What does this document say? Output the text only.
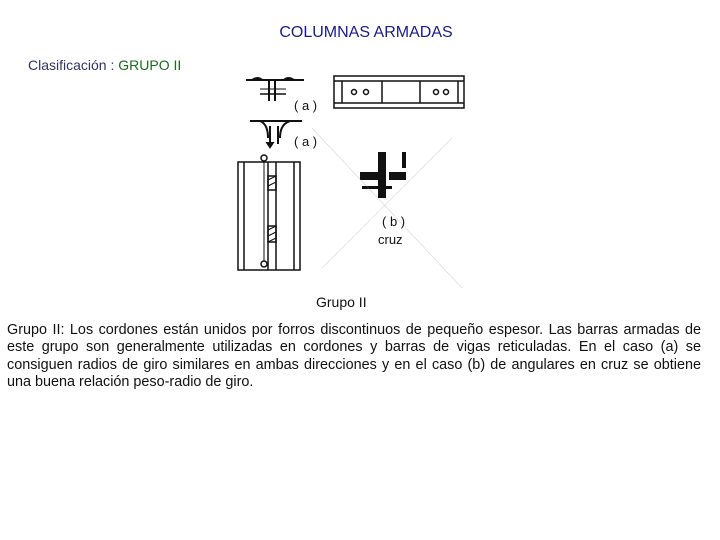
COLUMNAS ARMADAS
Clasificación : GRUPO II
( a )
( a )
( b )
cruz
Grupo II
Grupo II: Los cordones están unidos por forros discontinuos de pequeño espesor. Las barras armadas de este grupo son generalmente utilizadas en cordones y barras de vigas reticuladas. En el caso (a) se consiguen radios de giro similares en ambas direcciones y en el caso (b) de angulares en cruz se obtiene una buena relación peso-radio de giro.
